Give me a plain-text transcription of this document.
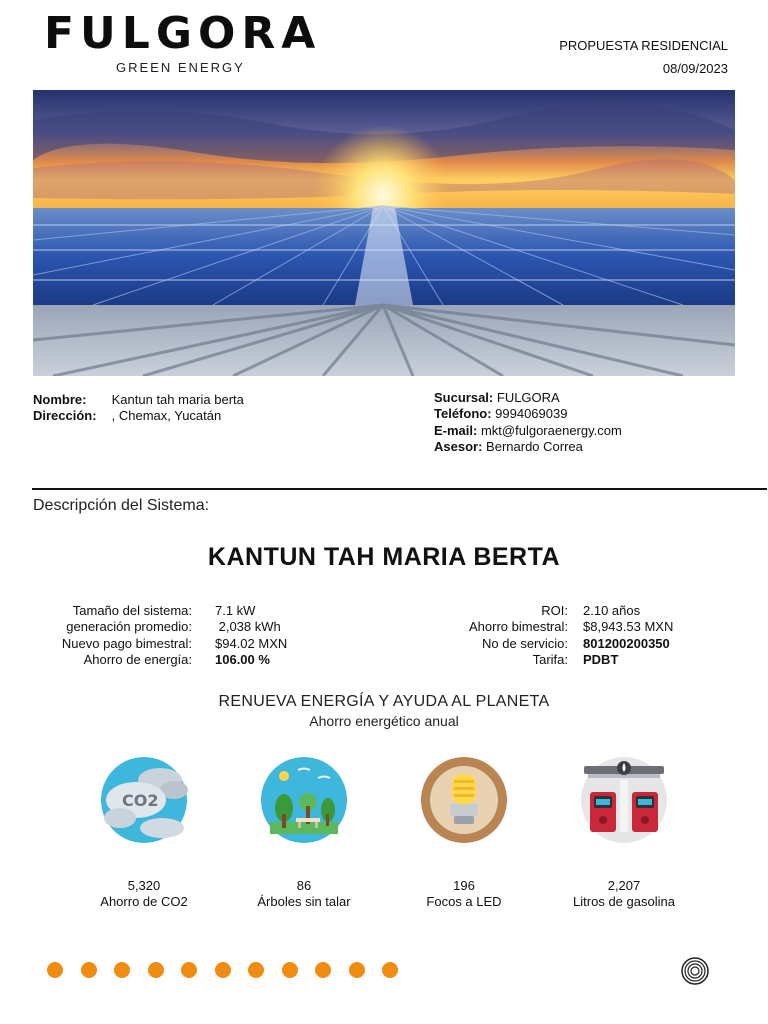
FULGORA
GREEN ENERGY
PROPUESTA RESIDENCIAL
08/09/2023
Nombre: Kantun tah maria berta
Dirección: , Chemax, Yucatán
Sucursal: FULGORA
Teléfono: 9994069039
E-mail: mkt@fulgoraenergy.com
Asesor: Bernardo Correa
Descripción del Sistema:
KANTUN TAH MARIA BERTA
Tamaño del sistema:
generación promedio:
Nuevo pago bimestral:
Ahorro de energía:
7.1 kW
2,038 kWh
$94.02 MXN
106.00 %
ROI:
Ahorro bimestral:
No de servicio:
Tarifa:
2.10 años
$8,943.53 MXN
801200200350
PDBT
RENUEVA ENERGÍA Y AYUDA AL PLANETA
Ahorro energético anual
CO2
5,320
Ahorro de CO2
86
Árboles sin talar
196
Focos a LED
2,207
Litros de gasolina
